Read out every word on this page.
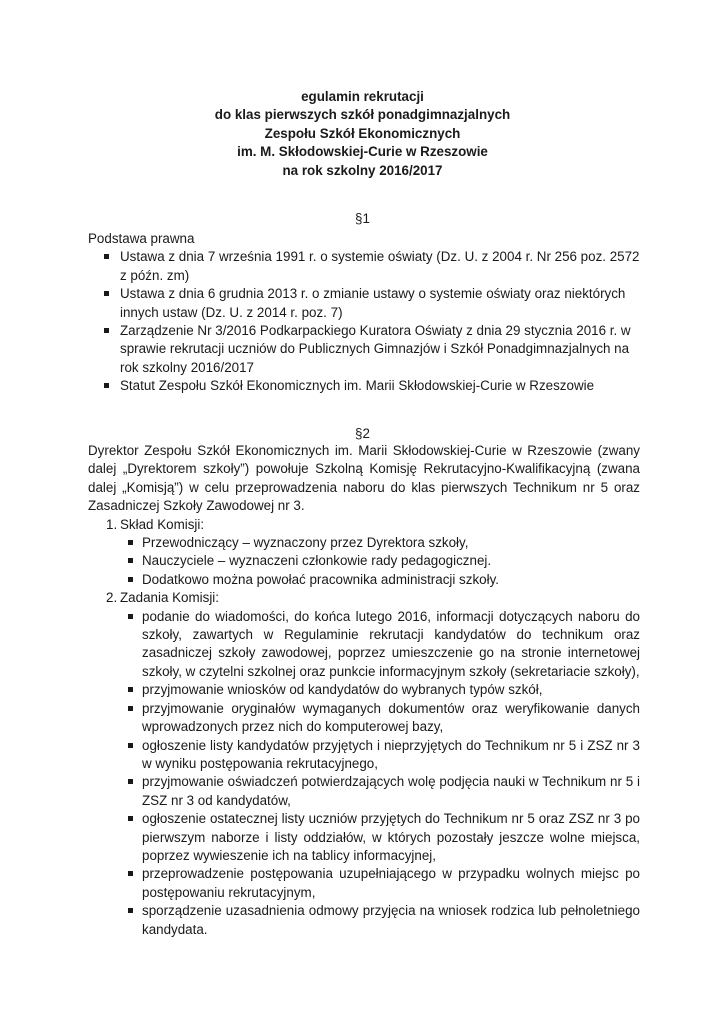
egulamin rekrutacji
do klas pierwszych szkół ponadgimnazjalnych
Zespołu Szkół Ekonomicznych
im. M. Skłodowskiej-Curie w Rzeszowie
na rok szkolny 2016/2017
§1
Podstawa prawna
Ustawa z dnia 7 września 1991 r. o systemie oświaty (Dz. U. z 2004 r. Nr 256 poz. 2572 z późn. zm)
Ustawa z dnia 6 grudnia 2013 r. o zmianie ustawy o systemie oświaty oraz niektórych innych ustaw (Dz. U. z 2014 r. poz. 7)
Zarządzenie Nr 3/2016 Podkarpackiego Kuratora Oświaty z dnia 29 stycznia 2016 r. w sprawie rekrutacji uczniów do Publicznych Gimnazjów i Szkół Ponadgimnazjalnych na rok szkolny 2016/2017
Statut Zespołu Szkół Ekonomicznych im. Marii Skłodowskiej-Curie w Rzeszowie
§2
Dyrektor Zespołu Szkół Ekonomicznych im. Marii Skłodowskiej-Curie w Rzeszowie (zwany dalej „Dyrektorem szkoły”) powołuje Szkolną Komisję Rekrutacyjno-Kwalifikacyjną (zwana dalej „Komisją”) w celu przeprowadzenia naboru do klas pierwszych Technikum nr 5 oraz Zasadniczej Szkoły Zawodowej nr 3.
1. Skład Komisji:
Przewodniczący – wyznaczony przez Dyrektora szkoły,
Nauczyciele – wyznaczeni członkowie rady pedagogicznej.
Dodatkowo można powołać pracownika administracji szkoły.
2. Zadania Komisji:
podanie do wiadomości, do końca lutego 2016, informacji dotyczących naboru do szkoły, zawartych w Regulaminie rekrutacji kandydatów do technikum oraz zasadniczej szkoły zawodowej, poprzez umieszczenie go na stronie internetowej szkoły, w czytelni szkolnej oraz punkcie informacyjnym szkoły (sekretariacie szkoły),
przyjmowanie wniosków od kandydatów do wybranych typów szkół,
przyjmowanie oryginałów wymaganych dokumentów oraz weryfikowanie danych wprowadzonych przez nich do komputerowej bazy,
ogłoszenie listy kandydatów przyjętych i nieprzyjętych do Technikum nr 5 i ZSZ nr 3 w wyniku postępowania rekrutacyjnego,
przyjmowanie oświadczeń potwierdzających wolę podjęcia nauki w Technikum nr 5 i ZSZ nr 3 od kandydatów,
ogłoszenie ostatecznej listy uczniów przyjętych do Technikum nr 5 oraz ZSZ nr 3 po pierwszym naborze i listy oddziałów, w których pozostały jeszcze wolne miejsca, poprzez wywieszenie ich na tablicy informacyjnej,
przeprowadzenie postępowania uzupełniającego w przypadku wolnych miejsc po postępowaniu rekrutacyjnym,
sporządzenie uzasadnienia odmowy przyjęcia na wniosek rodzica lub pełnoletniego kandydata.
